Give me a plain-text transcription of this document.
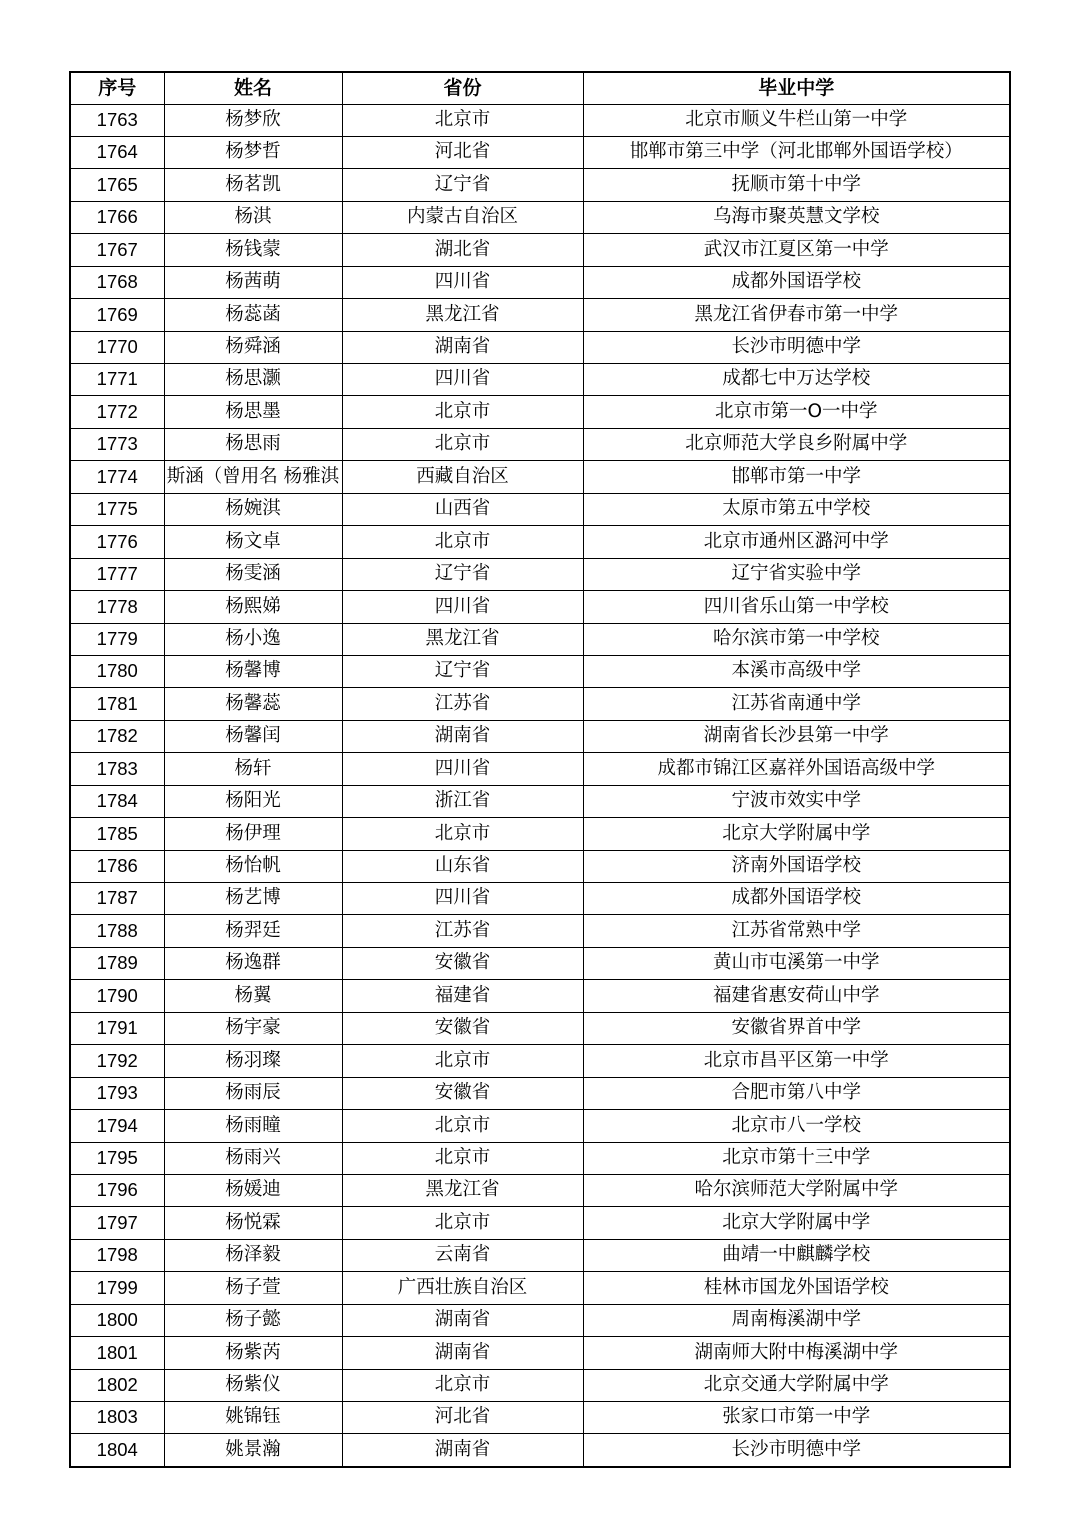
序号	姓名	省份	毕业中学
1763	杨梦欣	北京市	北京市顺义牛栏山第一中学
1764	杨梦哲	河北省	邯郸市第三中学（河北邯郸外国语学校）
1765	杨茗凯	辽宁省	抚顺市第十中学
1766	杨淇	内蒙古自治区	乌海市聚英慧文学校
1767	杨钱蒙	湖北省	武汉市江夏区第一中学
1768	杨茜萌	四川省	成都外国语学校
1769	杨蕊菡	黑龙江省	黑龙江省伊春市第一中学
1770	杨舜涵	湖南省	长沙市明德中学
1771	杨思灏	四川省	成都七中万达学校
1772	杨思墨	北京市	北京市第一O一中学
1773	杨思雨	北京市	北京师范大学良乡附属中学
1774	斯涵（曾用名 杨雅淇	西藏自治区	邯郸市第一中学
1775	杨婉淇	山西省	太原市第五中学校
1776	杨文卓	北京市	北京市通州区潞河中学
1777	杨雯涵	辽宁省	辽宁省实验中学
1778	杨熙娣	四川省	四川省乐山第一中学校
1779	杨小逸	黑龙江省	哈尔滨市第一中学校
1780	杨馨博	辽宁省	本溪市高级中学
1781	杨馨蕊	江苏省	江苏省南通中学
1782	杨馨闰	湖南省	湖南省长沙县第一中学
1783	杨轩	四川省	成都市锦江区嘉祥外国语高级中学
1784	杨阳光	浙江省	宁波市效实中学
1785	杨伊理	北京市	北京大学附属中学
1786	杨怡帆	山东省	济南外国语学校
1787	杨艺博	四川省	成都外国语学校
1788	杨羿廷	江苏省	江苏省常熟中学
1789	杨逸群	安徽省	黄山市屯溪第一中学
1790	杨翼	福建省	福建省惠安荷山中学
1791	杨宇豪	安徽省	安徽省界首中学
1792	杨羽璨	北京市	北京市昌平区第一中学
1793	杨雨辰	安徽省	合肥市第八中学
1794	杨雨瞳	北京市	北京市八一学校
1795	杨雨兴	北京市	北京市第十三中学
1796	杨媛迪	黑龙江省	哈尔滨师范大学附属中学
1797	杨悦霖	北京市	北京大学附属中学
1798	杨泽毅	云南省	曲靖一中麒麟学校
1799	杨子萱	广西壮族自治区	桂林市国龙外国语学校
1800	杨子懿	湖南省	周南梅溪湖中学
1801	杨紫芮	湖南省	湖南师大附中梅溪湖中学
1802	杨紫仪	北京市	北京交通大学附属中学
1803	姚锦钰	河北省	张家口市第一中学
1804	姚景瀚	湖南省	长沙市明德中学
